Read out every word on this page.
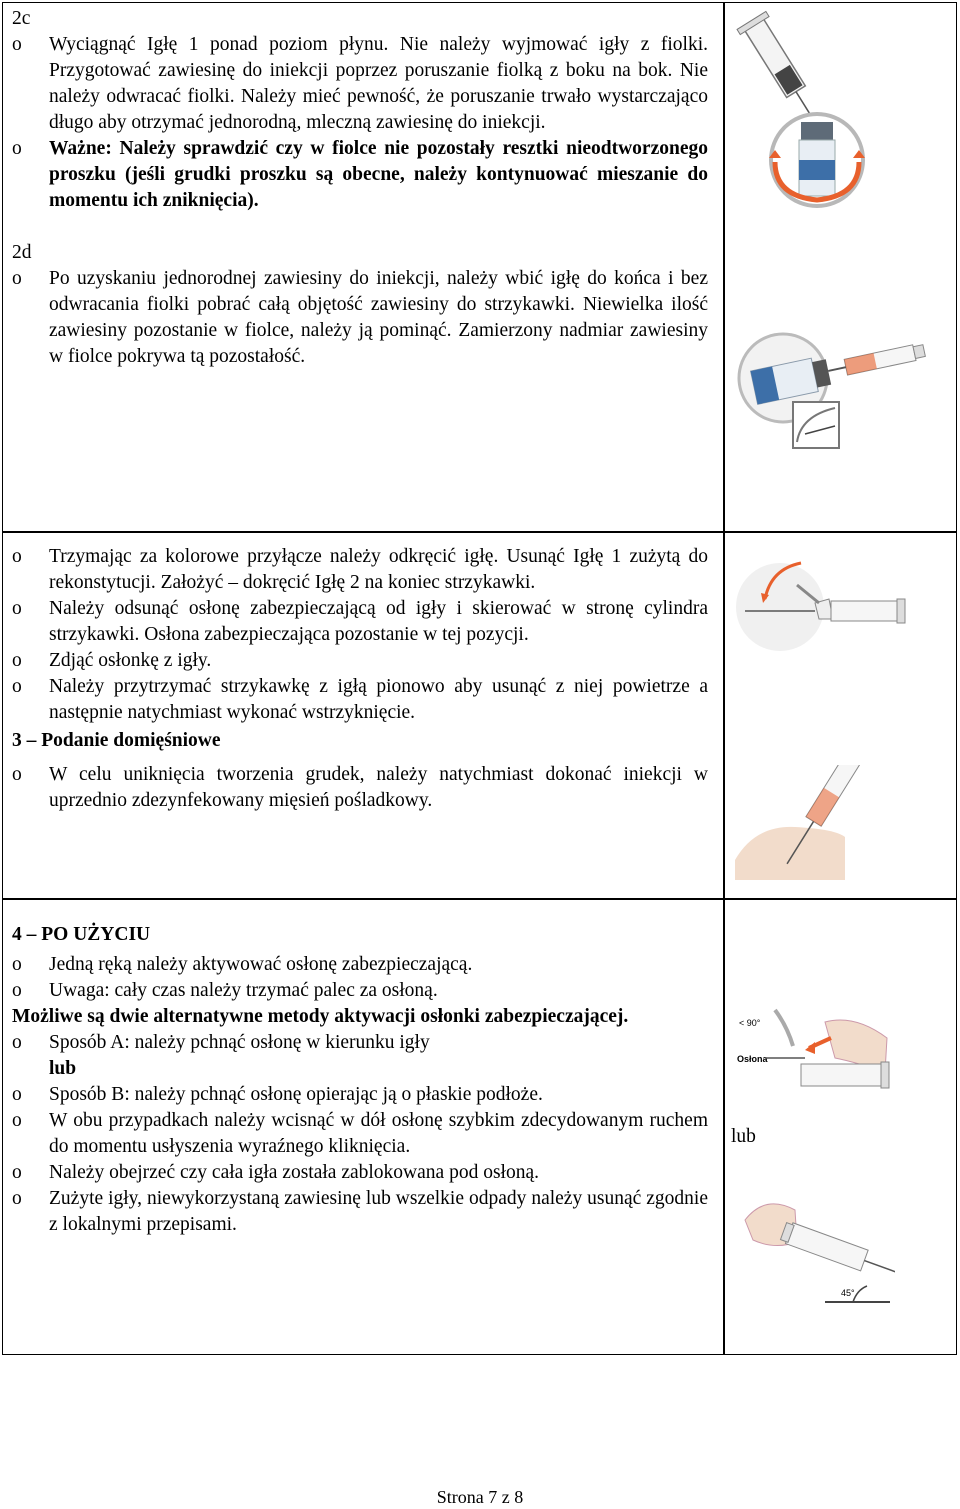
2c
o Wyciągnąć Igłę 1 ponad poziom płynu. Nie należy wyjmować igły z fiolki. Przygotować zawiesinę do iniekcji poprzez poruszanie fiolką z boku na bok. Nie należy odwracać fiolki. Należy mieć pewność, że poruszanie trwało wystarczająco długo aby otrzymać jednorodną, mleczną zawiesinę do iniekcji.
o Ważne: Należy sprawdzić czy w fiolce nie pozostały resztki nieodtworzonego proszku (jeśli grudki proszku są obecne, należy kontynuować mieszanie do momentu ich zniknięcia).
2d
o Po uzyskaniu jednorodnej zawiesiny do iniekcji, należy wbić igłę do końca i bez odwracania fiolki pobrać całą objętość zawiesiny do strzykawki. Niewielka ilość zawiesiny pozostanie w fiolce, należy ją pominąć. Zamierzony nadmiar zawiesiny w fiolce pokrywa tą pozostałość.
o Trzymając za kolorowe przyłącze należy odkręcić igłę. Usunąć Igłę 1 zużytą do rekonstytucji. Założyć – dokręcić Igłę 2 na koniec strzykawki.
o Należy odsunąć osłonę zabezpieczającą od igły i skierować w stronę cylindra strzykawki. Osłona zabezpieczająca pozostanie w tej pozycji.
o Zdjąć osłonkę z igły.
o Należy przytrzymać strzykawkę z igłą pionowo aby usunąć z niej powietrze a następnie natychmiast wykonać wstrzyknięcie.
3 – Podanie domięśniowe
o W celu uniknięcia tworzenia grudek, należy natychmiast dokonać iniekcji w uprzednio zdezynfekowany mięsień pośladkowy.
4 – PO UŻYCIU
o Jedną ręką należy aktywować osłonę zabezpieczającą.
o Uwaga: cały czas należy trzymać palec za osłoną.
Możliwe są dwie alternatywne metody aktywacji osłonki zabezpieczającej.
o Sposób A: należy pchnąć osłonę w kierunku igły
lub
o Sposób B: należy pchnąć osłonę opierając ją o płaskie podłoże.
o W obu przypadkach należy wcisnąć w dół osłonę szybkim zdecydowanym ruchem do momentu usłyszenia wyraźnego kliknięcia.
o Należy obejrzeć czy cała igła została zablokowana pod osłoną.
o Zużyte igły, niewykorzystaną zawiesinę lub wszelkie odpady należy usunąć zgodnie z lokalnymi przepisami.
< 90°
Osłona
lub
45°
Strona 7 z 8
